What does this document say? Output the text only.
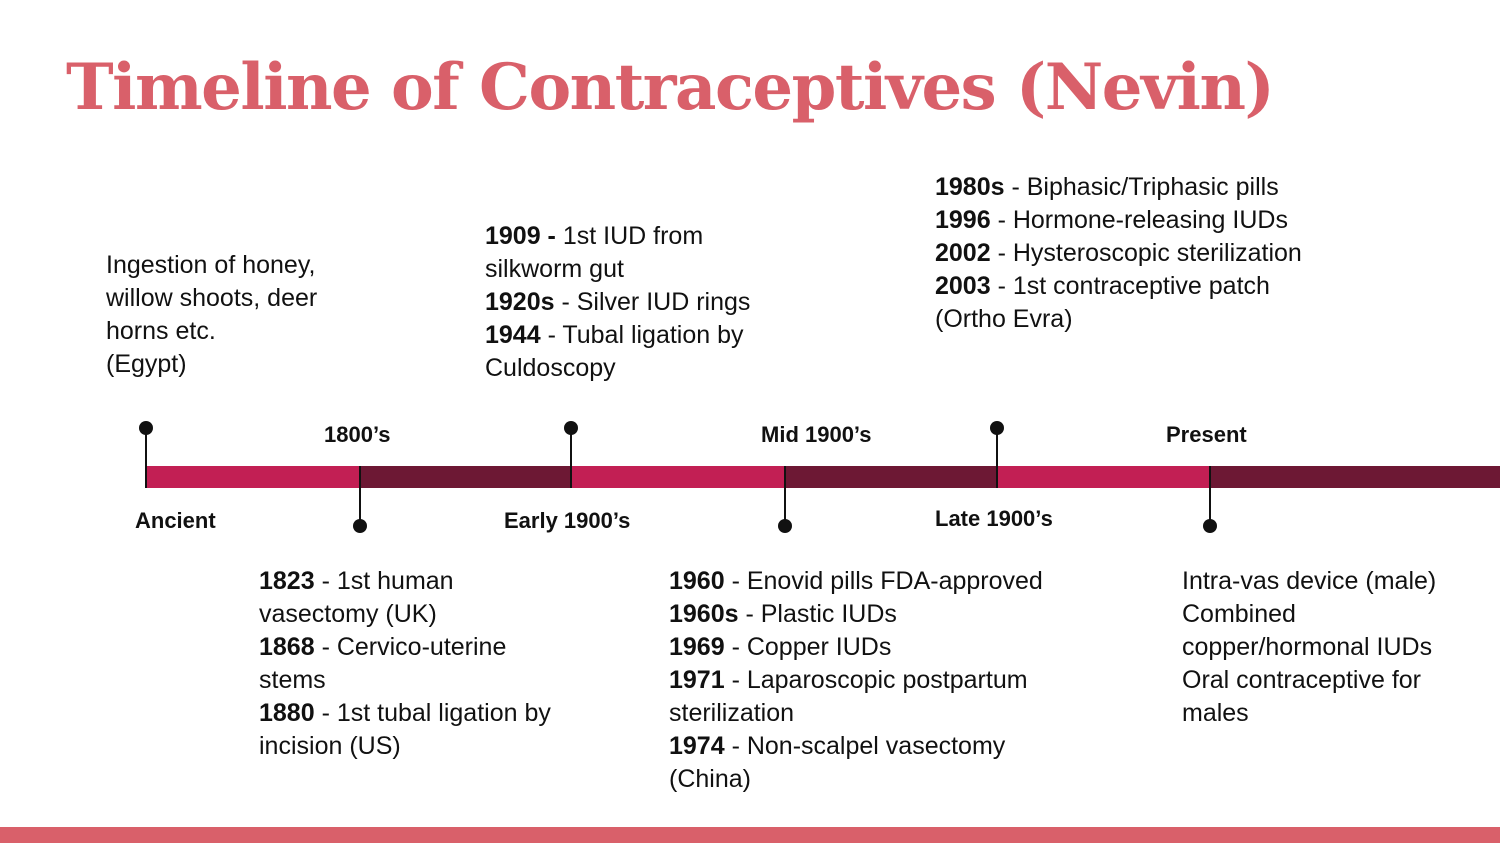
Timeline of Contraceptives (Nevin)
Ancient
1800’s
Early 1900’s
Mid 1900’s
Late 1900’s
Present
Ingestion of honey,
willow shoots, deer
horns etc.
(Egypt)
1823 - 1st human vasectomy (UK)
1868 - Cervico-uterine stems
1880 - 1st tubal ligation by incision (US)
1909 - 1st IUD from silkworm gut
1920s - Silver IUD rings
1944 - Tubal ligation by Culdoscopy
1960 - Enovid pills FDA-approved
1960s - Plastic IUDs
1969 - Copper IUDs
1971 - Laparoscopic postpartum sterilization
1974 - Non-scalpel vasectomy (China)
1980s - Biphasic/Triphasic pills
1996 - Hormone-releasing IUDs
2002 - Hysteroscopic sterilization
2003 - 1st contraceptive patch (Ortho Evra)
Intra-vas device (male)
Combined copper/hormonal IUDs
Oral contraceptive for males
